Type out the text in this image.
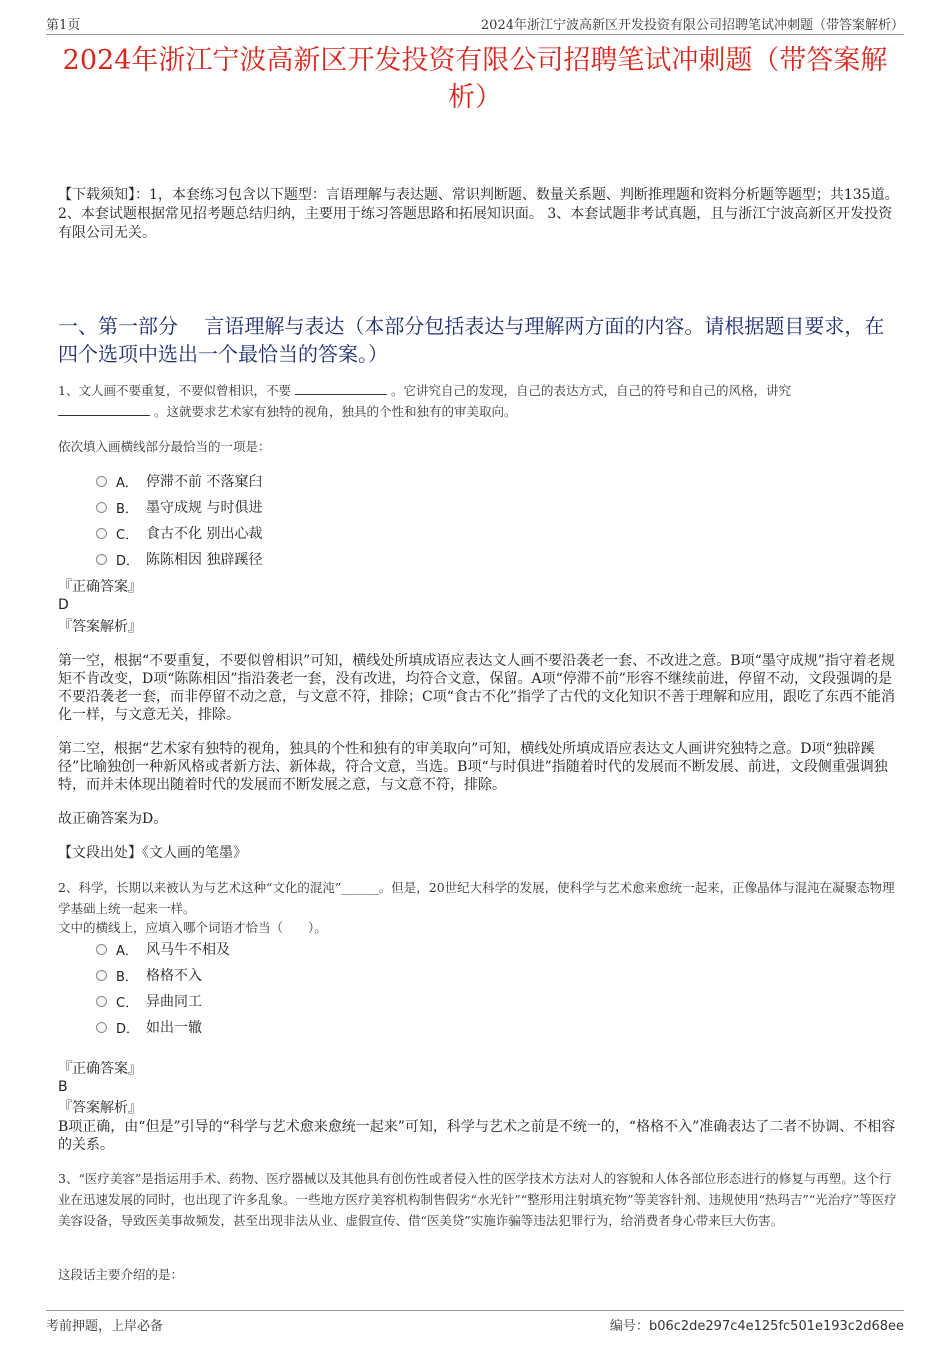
第1页	2024年浙江宁波高新区开发投资有限公司招聘笔试冲刺题（带答案解析）
2024年浙江宁波高新区开发投资有限公司招聘笔试冲刺题（带答案解析）
【下载须知】：1，本套练习包含以下题型：言语理解与表达题、常识判断题、数量关系题、判断推理题和资料分析题等题型；共135道。 2、本套试题根据常见招考题总结归纳，主要用于练习答题思路和拓展知识面。 3、本套试题非考试真题，且与浙江宁波高新区开发投资有限公司无关。
一、第一部分　 言语理解与表达（本部分包括表达与理解两方面的内容。请根据题目要求，在四个选项中选出一个最恰当的答案。）
1、文人画不要重复，不要似曾相识，不要	。它讲究自己的发现，自己的表达方式，自己的符号和自己的风格，讲究
。这就要求艺术家有独特的视角，独具的个性和独有的审美取向。
依次填入画横线部分最恰当的一项是：
A． 停滞不前 不落窠臼
B． 墨守成规 与时俱进
C． 食古不化 别出心裁
D． 陈陈相因 独辟蹊径
『正确答案』
D
『答案解析』
第一空，根据“不要重复，不要似曾相识”可知，横线处所填成语应表达文人画不要沿袭老一套、不改进之意。B项“墨守成规”指守着老规矩不肯改变，D项“陈陈相因”指沿袭老一套，没有改进，均符合文意，保留。A项“停滞不前”形容不继续前进，停留不动，文段强调的是不要沿袭老一套，而非停留不动之意，与文意不符，排除；C项“食古不化”指学了古代的文化知识不善于理解和应用，跟吃了东西不能消化一样，与文意无关，排除。
第二空，根据“艺术家有独特的视角，独具的个性和独有的审美取向”可知，横线处所填成语应表达文人画讲究独特之意。D项“独辟蹊径”比喻独创一种新风格或者新方法、新体裁，符合文意，当选。B项“与时俱进”指随着时代的发展而不断发展、前进，文段侧重强调独特，而并未体现出随着时代的发展而不断发展之意，与文意不符，排除。
故正确答案为D。
【文段出处】《文人画的笔墨》
2、科学，长期以来被认为与艺术这种“文化的混沌”______。但是，20世纪大科学的发展，使科学与艺术愈来愈统一起来，正像晶体与混沌在凝聚态物理学基础上统一起来一样。
文中的横线上，应填入哪个词语才恰当（　　）。
A． 风马牛不相及
B． 格格不入
C． 异曲同工
D． 如出一辙
『正确答案』
B
『答案解析』
B项正确，由“但是”引导的“科学与艺术愈来愈统一起来”可知，科学与艺术之前是不统一的，“格格不入”准确表达了二者不协调、不相容的关系。
3、“医疗美容”是指运用手术、药物、医疗器械以及其他具有创伤性或者侵入性的医学技术方法对人的容貌和人体各部位形态进行的修复与再塑。这个行业在迅速发展的同时，也出现了许多乱象。一些地方医疗美容机构制售假劣“水光针”“整形用注射填充物”等美容针剂、违规使用“热玛吉”“光治疗”等医疗美容设备，导致医美事故频发，甚至出现非法从业、虚假宣传、借“医美贷”实施诈骗等违法犯罪行为，给消费者身心带来巨大伤害。
这段话主要介绍的是：
考前押题，上岸必备	编号：b06c2de297c4e125fc501e193c2d68ee
